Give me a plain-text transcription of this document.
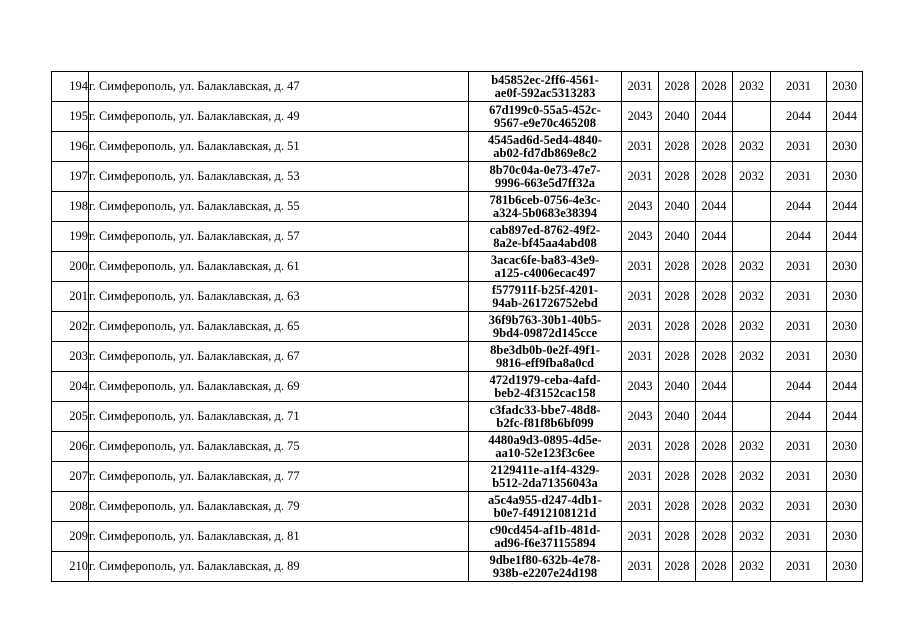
194	г. Симферополь, ул. Балаклавская, д. 47	b45852ec-2ff6-4561-
ae0f-592ac5313283	2031	2028	2028	2032	2031	2030
195	г. Симферополь, ул. Балаклавская, д. 49	67d199c0-55a5-452c-
9567-e9e70c465208	2043	2040	2044		2044	2044
196	г. Симферополь, ул. Балаклавская, д. 51	4545ad6d-5ed4-4840-
ab02-fd7db869e8c2	2031	2028	2028	2032	2031	2030
197	г. Симферополь, ул. Балаклавская, д. 53	8b70c04a-0e73-47e7-
9996-663e5d7ff32a	2031	2028	2028	2032	2031	2030
198	г. Симферополь, ул. Балаклавская, д. 55	781b6ceb-0756-4e3c-
a324-5b0683e38394	2043	2040	2044		2044	2044
199	г. Симферополь, ул. Балаклавская, д. 57	cab897ed-8762-49f2-
8a2e-bf45aa4abd08	2043	2040	2044		2044	2044
200	г. Симферополь, ул. Балаклавская, д. 61	3acac6fe-ba83-43e9-
a125-c4006ecac497	2031	2028	2028	2032	2031	2030
201	г. Симферополь, ул. Балаклавская, д. 63	f577911f-b25f-4201-
94ab-261726752ebd	2031	2028	2028	2032	2031	2030
202	г. Симферополь, ул. Балаклавская, д. 65	36f9b763-30b1-40b5-
9bd4-09872d145cce	2031	2028	2028	2032	2031	2030
203	г. Симферополь, ул. Балаклавская, д. 67	8be3db0b-0e2f-49f1-
9816-eff9fba8a0cd	2031	2028	2028	2032	2031	2030
204	г. Симферополь, ул. Балаклавская, д. 69	472d1979-ceba-4afd-
beb2-4f3152cac158	2043	2040	2044		2044	2044
205	г. Симферополь, ул. Балаклавская, д. 71	c3fadc33-bbe7-48d8-
b2fc-f81f8b6bf099	2043	2040	2044		2044	2044
206	г. Симферополь, ул. Балаклавская, д. 75	4480a9d3-0895-4d5e-
aa10-52e123f3c6ee	2031	2028	2028	2032	2031	2030
207	г. Симферополь, ул. Балаклавская, д. 77	2129411e-a1f4-4329-
b512-2da71356043a	2031	2028	2028	2032	2031	2030
208	г. Симферополь, ул. Балаклавская, д. 79	a5c4a955-d247-4db1-
b0e7-f4912108121d	2031	2028	2028	2032	2031	2030
209	г. Симферополь, ул. Балаклавская, д. 81	c90cd454-af1b-481d-
ad96-f6e371155894	2031	2028	2028	2032	2031	2030
210	г. Симферополь, ул. Балаклавская, д. 89	9dbe1f80-632b-4e78-
938b-e2207e24d198	2031	2028	2028	2032	2031	2030
